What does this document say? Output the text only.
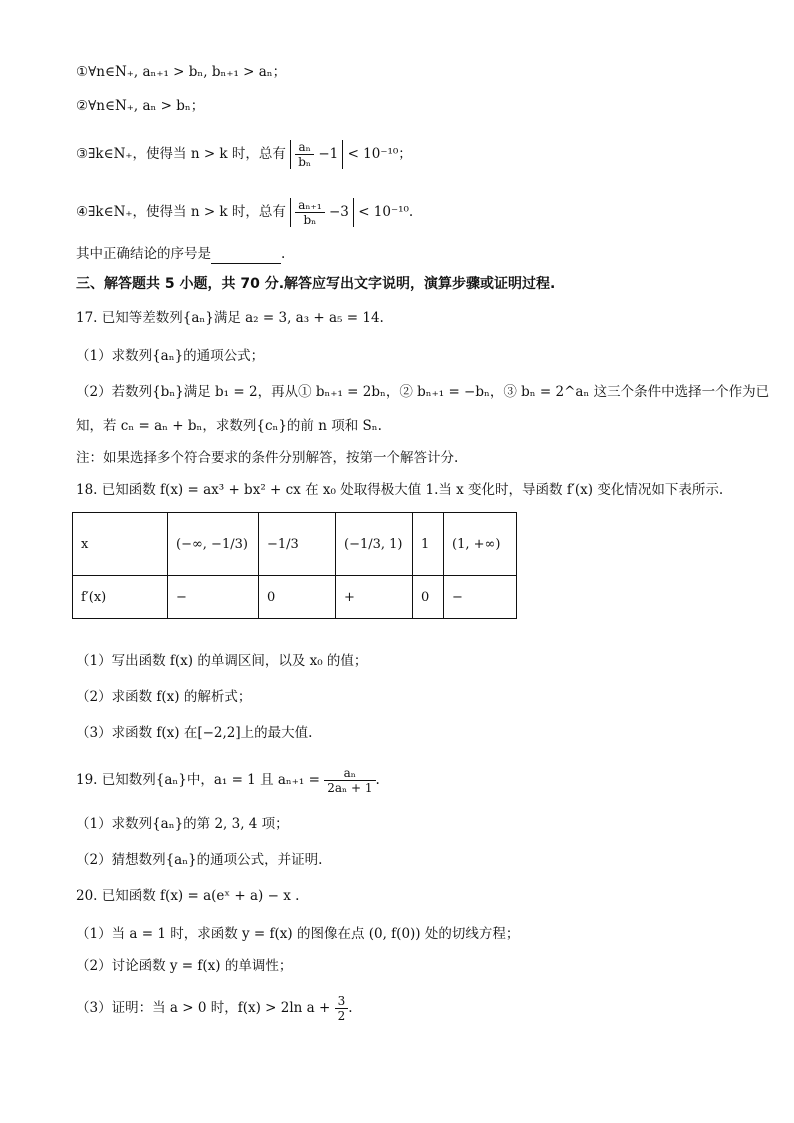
①∀n∈N₊, aₙ₊₁ > bₙ, bₙ₊₁ > aₙ；
②∀n∈N₊, aₙ > bₙ；
③∃k∈N₊，使得当 n > k 时，总有 $\frac{\text{aₙ}}{\text{bₙ}} -1 < 10^{-10}$；
④∃k∈N₊，使得当 n > k 时，总有 $\frac{\text{aₙ₊₁}}{\text{bₙ}} -3 < 10^{-10}$.
其中正确结论的序号是	.
三、解答题共 5 小题，共 70 分.解答应写出文字说明，演算步骤或证明过程.
17. 已知等差数列{aₙ}满足 a₂ = 3, a₃ + a₅ = 14.
（1）求数列{aₙ}的通项公式；
（2）若数列{bₙ}满足 b₁ = 2，再从① bₙ₊₁ = 2bₙ，② bₙ₊₁ = −bₙ，③ bₙ = 2^aₙ 这三个条件中选择一个作为已
知，若 cₙ = aₙ + bₙ，求数列{cₙ}的前 n 项和 Sₙ.
注：如果选择多个符合要求的条件分别解答，按第一个解答计分.
18. 已知函数 f(x) = ax³ + bx² + cx 在 x₀ 处取得极大值 1.当 x 变化时，导函数 f′(x) 变化情况如下表所示.
x	(−∞, −1/3)	−1/3	(−1/3, 1)	1	(1, +∞)
f′(x)	−	0	+	0	−
（1）写出函数 f(x) 的单调区间，以及 x₀ 的值；
（2）求函数 f(x) 的解析式；
（3）求函数 f(x) 在[−2,2]上的最大值.
19. 已知数列{aₙ}中，a₁ = 1 且 $a_{n+1} = \frac{\text{aₙ}}{\text{2aₙ + 1}}$ .
（1）求数列{aₙ}的第 2, 3, 4 项；
（2）猜想数列{aₙ}的通项公式，并证明.
20. 已知函数 f(x) = a(eˣ + a) − x .
（1）当 a = 1 时，求函数 y = f(x) 的图像在点 (0, f(0)) 处的切线方程；
（2）讨论函数 y = f(x) 的单调性；
（3）证明：当 a > 0 时，f(x) > 2ln $a + \frac{3}{2}$ .
